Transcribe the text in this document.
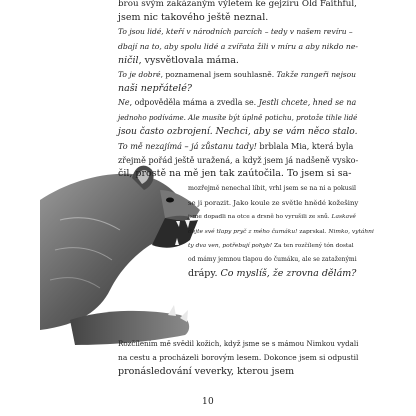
brou svým zakázaným výletem ke gejzíru Old Faithful,
jsem nic takového ještě neznal.
To jsou lidé, kteří v národních parcích – tedy v našem revíru –
dbají na to, aby spolu lidé a zvířata žili v míru a aby nikdo ne-
ničil, vysvětlovala máma.
To je dobré, poznamenal jsem souhlasně. Takže rangeři nejsou
naši nepřátelé?
Ne, odpověděla máma a zvedla se. Jestli chcete, hned se na
jednoho podíváme. Ale musíte být úplně potichu, protože tihle lidé
jsou často ozbrojení. Nechci, aby se vám něco stalo.
To mě nezajímá – já zůstanu tady! brblala Mia, která byla
zřejmě pořád ještě uražená, a když jsem já nadšeně vysko-
čil, prostě na mě jen tak zaútočila. To jsem si sa-
mozřejmě nenechal líbit, vrhl jsem se na ni a pokusil
se ji porazit. Jako koule ze světle hnědé kožešiny
jsme dopadli na otce a drsně ho vyrušili ze snů. Laskavě
dejte své tlapy pryč z mého čumáku! zaprskal. Nimko, vytáhni
ty dva ven, potřebují pohyb! Za ten rozčílený tón dostal
od mámy jemnou tlapou do čumáku, ale se zataženými
drápy. Co myslíš, že zrovna dělám?
Rozčílením mě svědil kožich, když jsme se s mámou Nimkou vydali
na cestu a procházeli borovým lesem. Dokonce jsem si odpustil
pronásledování veverky, kterou jsem
10
